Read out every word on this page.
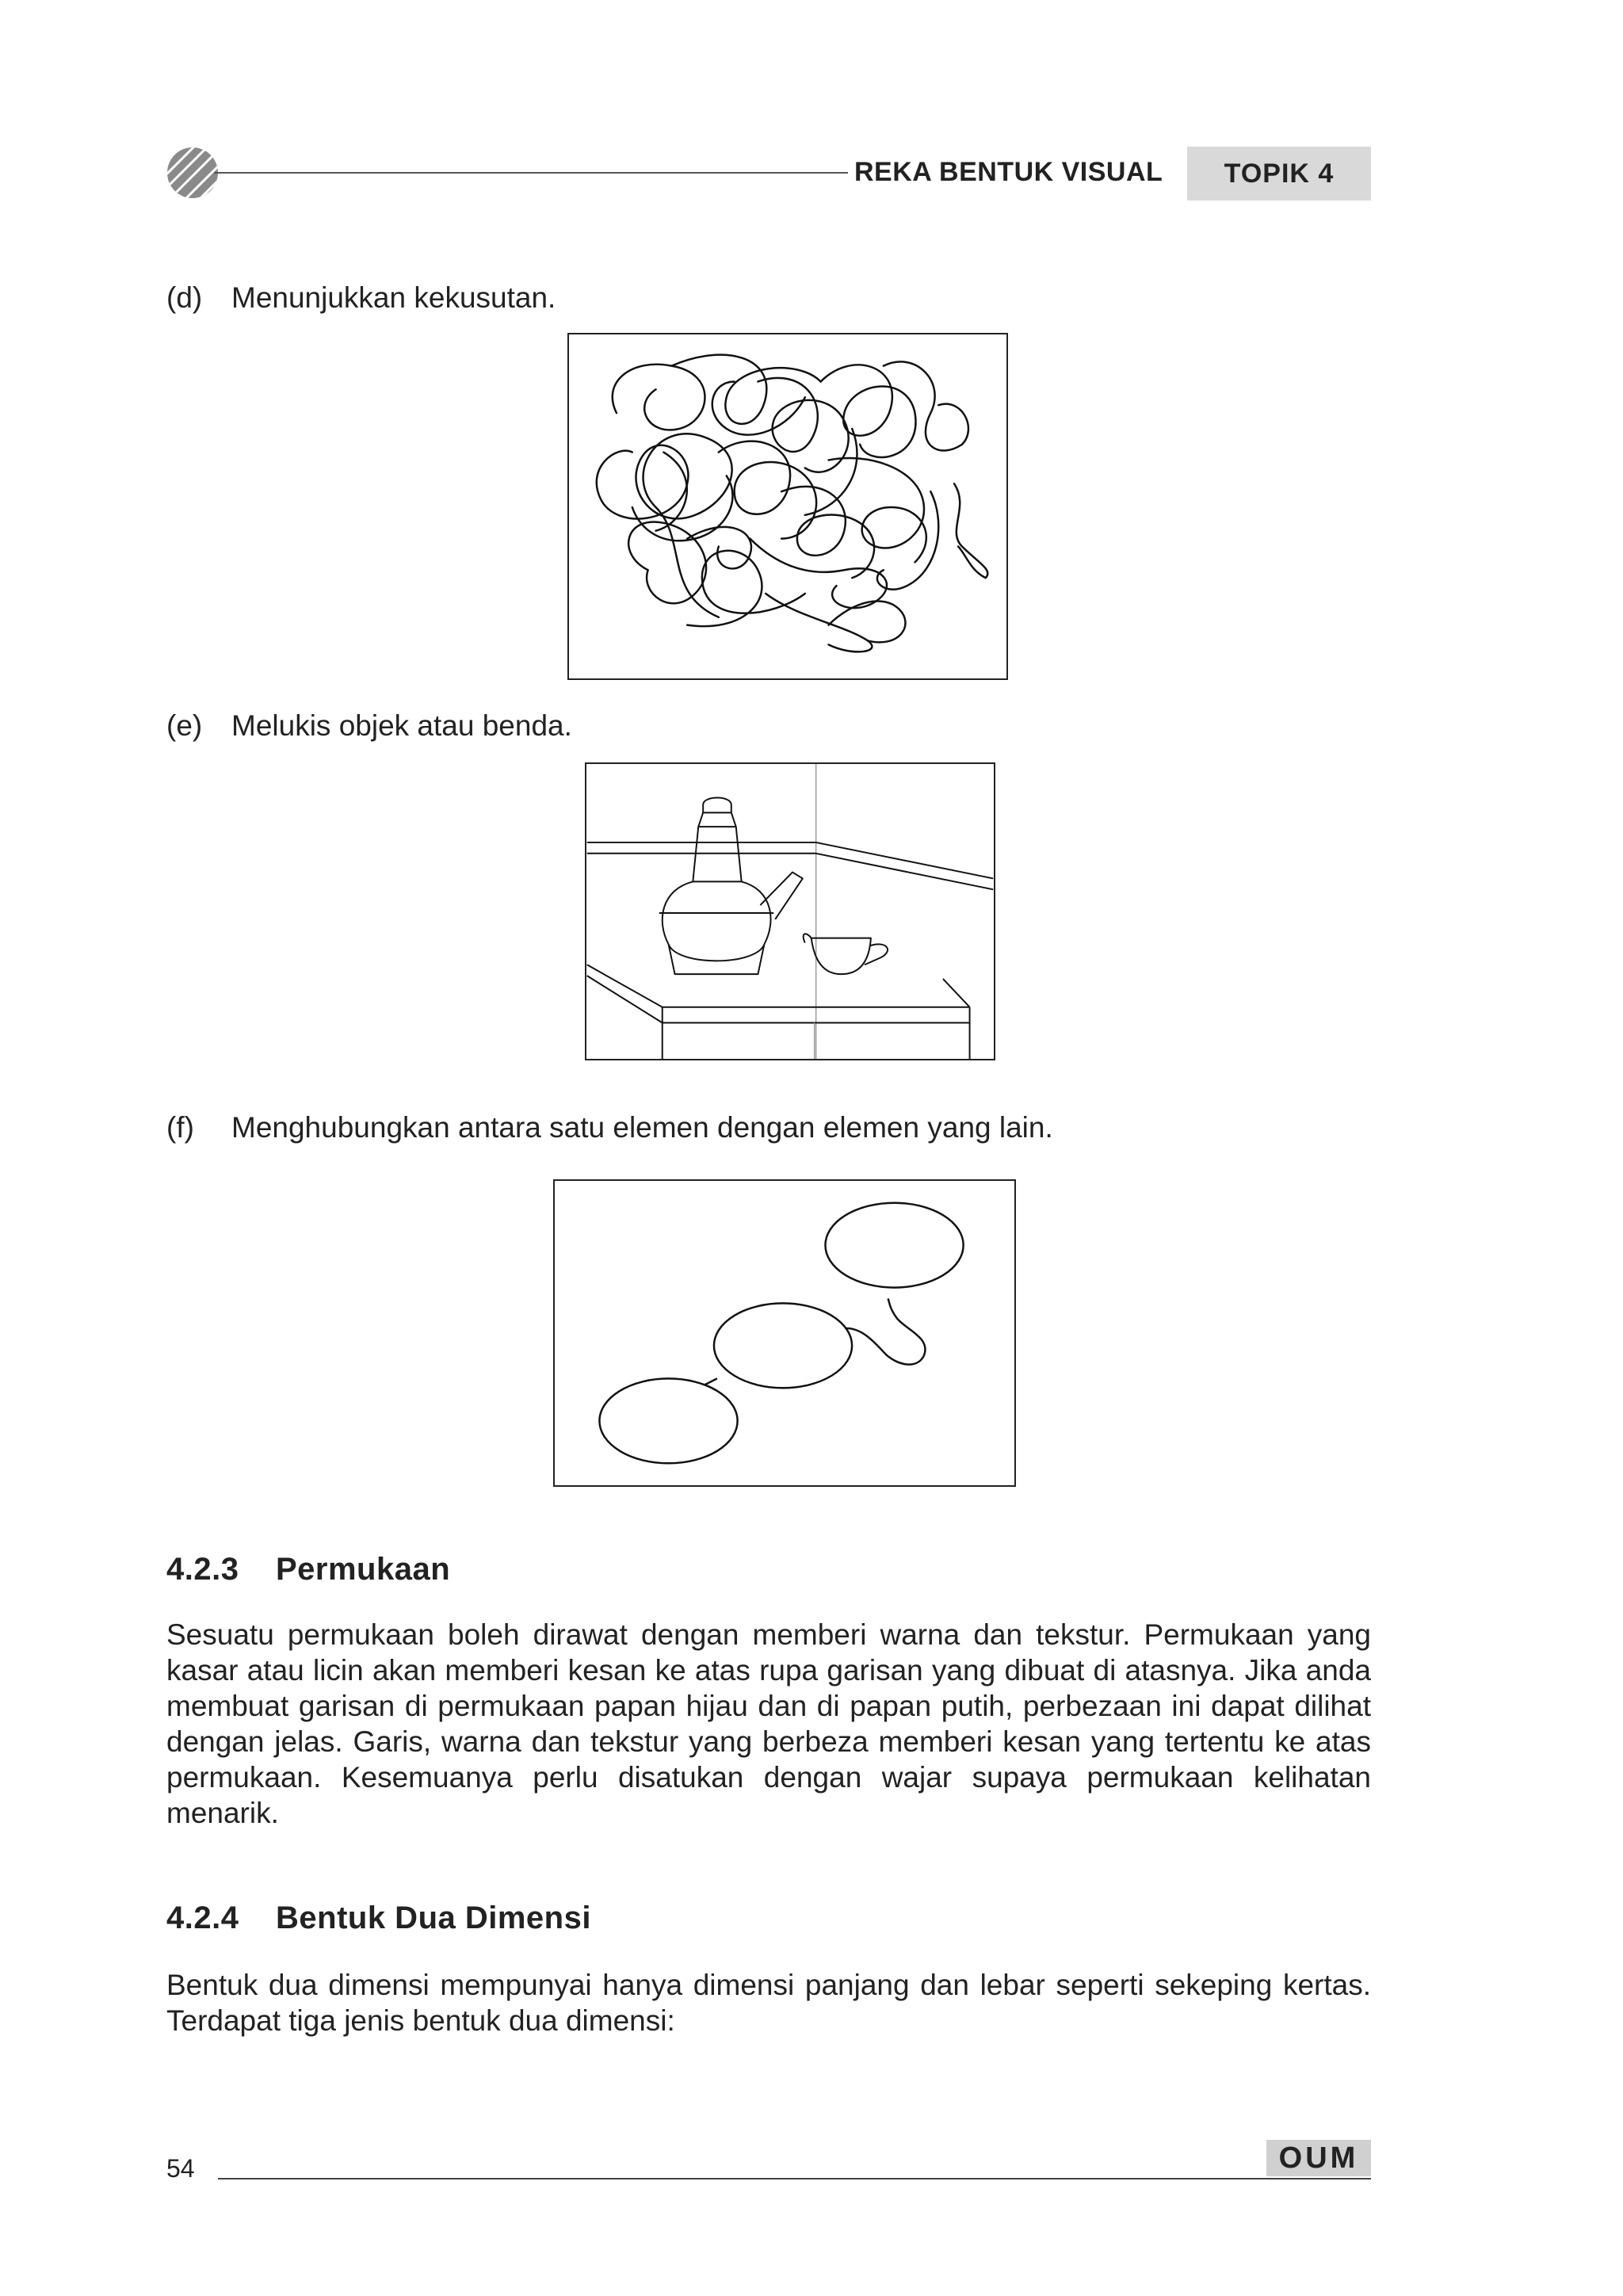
REKA BENTUK VISUAL	TOPIK 4
(d) Menunjukkan kekusutan.
(e) Melukis objek atau benda.
(f) Menghubungkan antara satu elemen dengan elemen yang lain.
4.2.3 Permukaan
Sesuatu permukaan boleh dirawat dengan memberi warna dan tekstur. Permukaan yang kasar atau licin akan memberi kesan ke atas rupa garisan yang dibuat di atasnya. Jika anda membuat garisan di permukaan papan hijau dan di papan putih, perbezaan ini dapat dilihat dengan jelas. Garis, warna dan tekstur yang berbeza memberi kesan yang tertentu ke atas permukaan. Kesemuanya perlu disatukan dengan wajar supaya permukaan kelihatan menarik.
4.2.4 Bentuk Dua Dimensi
Bentuk dua dimensi mempunyai hanya dimensi panjang dan lebar seperti sekeping kertas. Terdapat tiga jenis bentuk dua dimensi:
54	OUM
